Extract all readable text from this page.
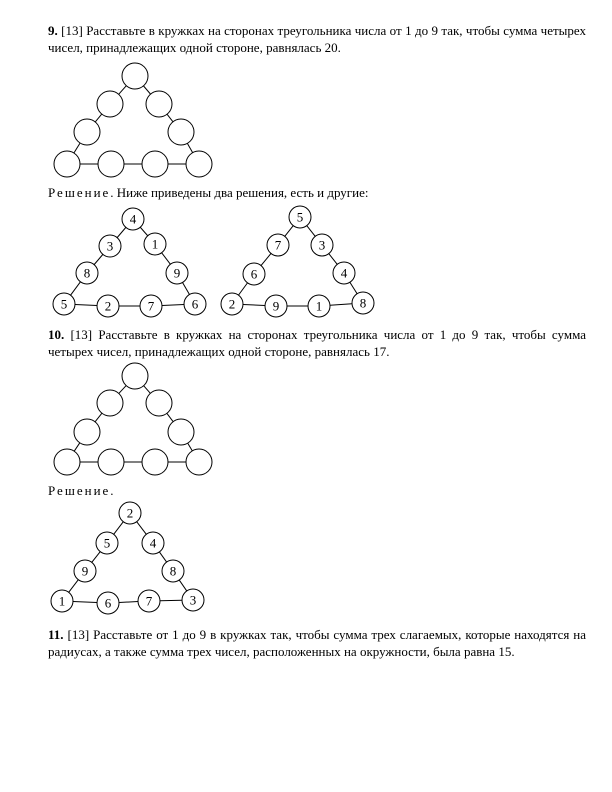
9. [13] Расставьте в кружках на сторонах треугольника числа от 1 до 9 так, чтобы сумма четырех чисел, принадлежащих одной стороне, равнялась 20.

Решение. Ниже приведены два решения, есть и другие:

10. [13] Расставьте в кружках на сторонах треугольника числа от 1 до 9 так, чтобы сумма четырех чисел, принадлежащих одной стороне, равнялась 17.

Решение.

11. [13] Расставьте от 1 до 9 в кружках так, чтобы сумма трех слагаемых, которые находятся на радиусах, а также сумма трех чисел, расположенных на окружности, была равна 15.

4
3
8
5	2	7	6
9
1
5
7
6
2	9	1	8
4
3
2
5
9
1	6	7	3
8
4
